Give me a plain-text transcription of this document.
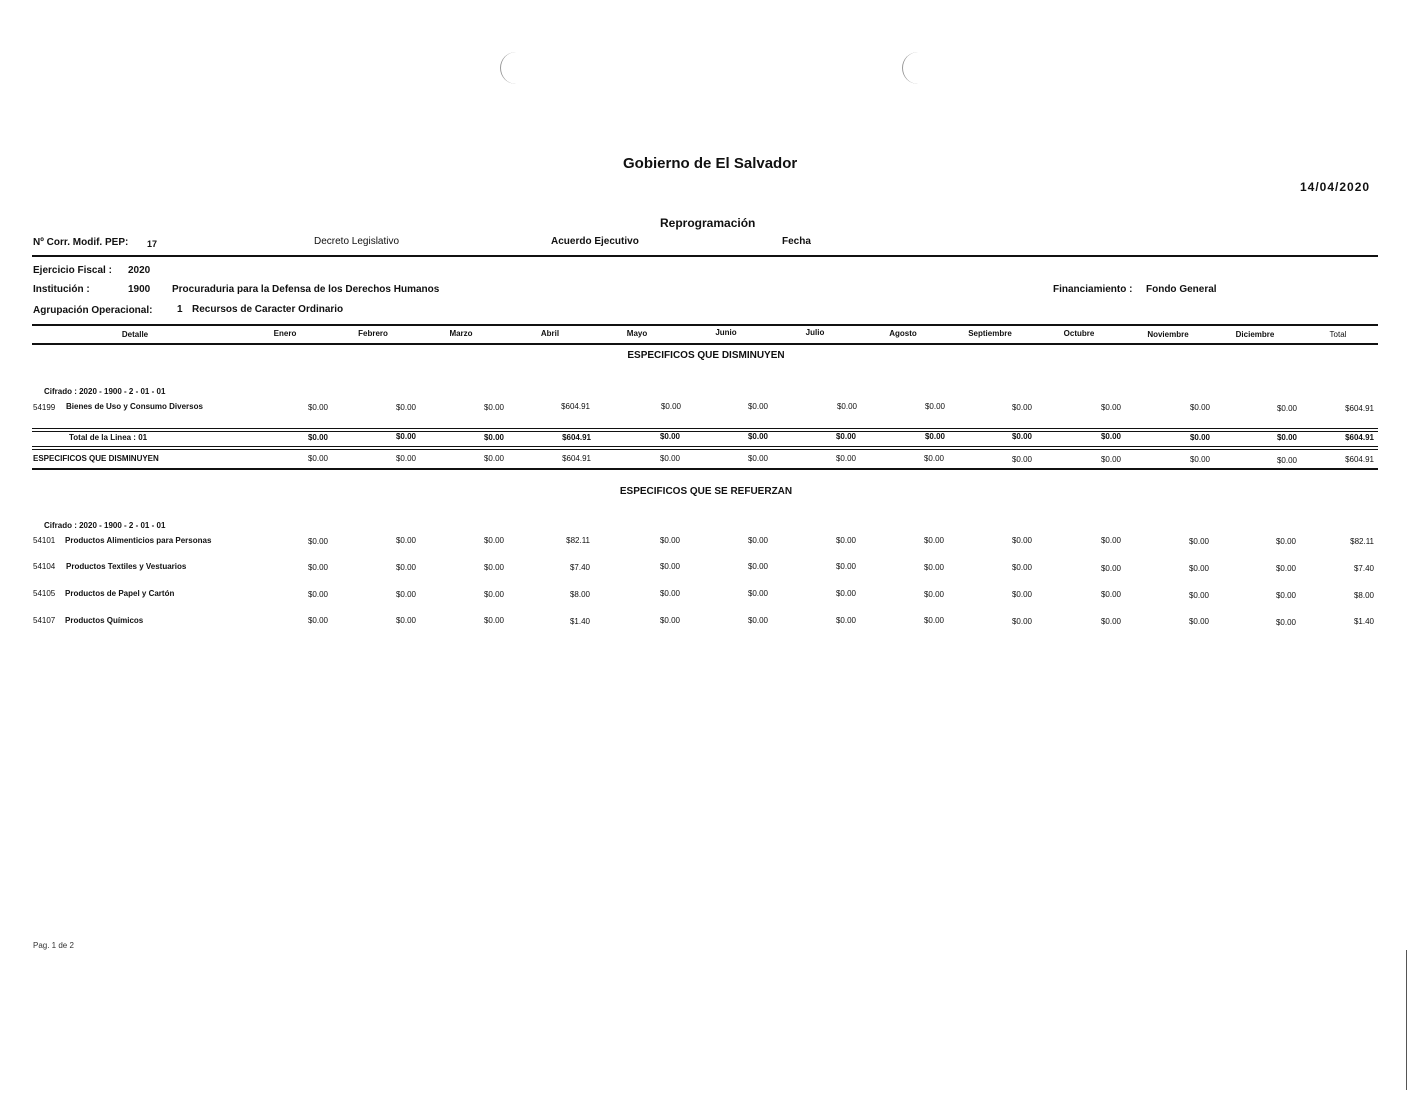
Gobierno de El Salvador
14/04/2020
Reprogramación
Nº Corr. Modif. PEP: 17	Decreto Legislativo	Acuerdo Ejecutivo	Fecha
Ejercicio Fiscal : 2020
Institución :	1900 Procuraduria para la Defensa de los Derechos Humanos	Financiamiento : Fondo General
Agrupación Operacional: 1 Recursos de Caracter Ordinario
Detalle	Enero	Febrero	Marzo	Abril	Mayo	Junio	Julio	Agosto	Septiembre	Octubre	Noviembre	Diciembre	Total
ESPECIFICOS QUE DISMINUYEN
Cifrado : 2020 - 1900 - 2 - 01 - 01
54199 Bienes de Uso y Consumo Diversos	$0.00	$0.00	$0.00	$604.91	$0.00	$0.00	$0.00	$0.00	$0.00	$0.00	$0.00	$0.00	$604.91
Total de la Linea : 01	$0.00	$0.00	$0.00	$604.91	$0.00	$0.00	$0.00	$0.00	$0.00	$0.00	$0.00	$0.00	$604.91
ESPECIFICOS QUE DISMINUYEN	$0.00	$0.00	$0.00	$604.91	$0.00	$0.00	$0.00	$0.00	$0.00	$0.00	$0.00	$0.00	$604.91
ESPECIFICOS QUE SE REFUERZAN
Cifrado : 2020 - 1900 - 2 - 01 - 01
54101 Productos Alimenticios para Personas	$0.00	$0.00	$0.00	$82.11	$0.00	$0.00	$0.00	$0.00	$0.00	$0.00	$0.00	$0.00	$82.11
54104 Productos Textiles y Vestuarios	$0.00	$0.00	$0.00	$7.40	$0.00	$0.00	$0.00	$0.00	$0.00	$0.00	$0.00	$0.00	$7.40
54105 Productos de Papel y Cartón	$0.00	$0.00	$0.00	$8.00	$0.00	$0.00	$0.00	$0.00	$0.00	$0.00	$0.00	$0.00	$8.00
54107 Productos Químicos	$0.00	$0.00	$0.00	$1.40	$0.00	$0.00	$0.00	$0.00	$0.00	$0.00	$0.00	$0.00	$1.40
Pag. 1 de 2
